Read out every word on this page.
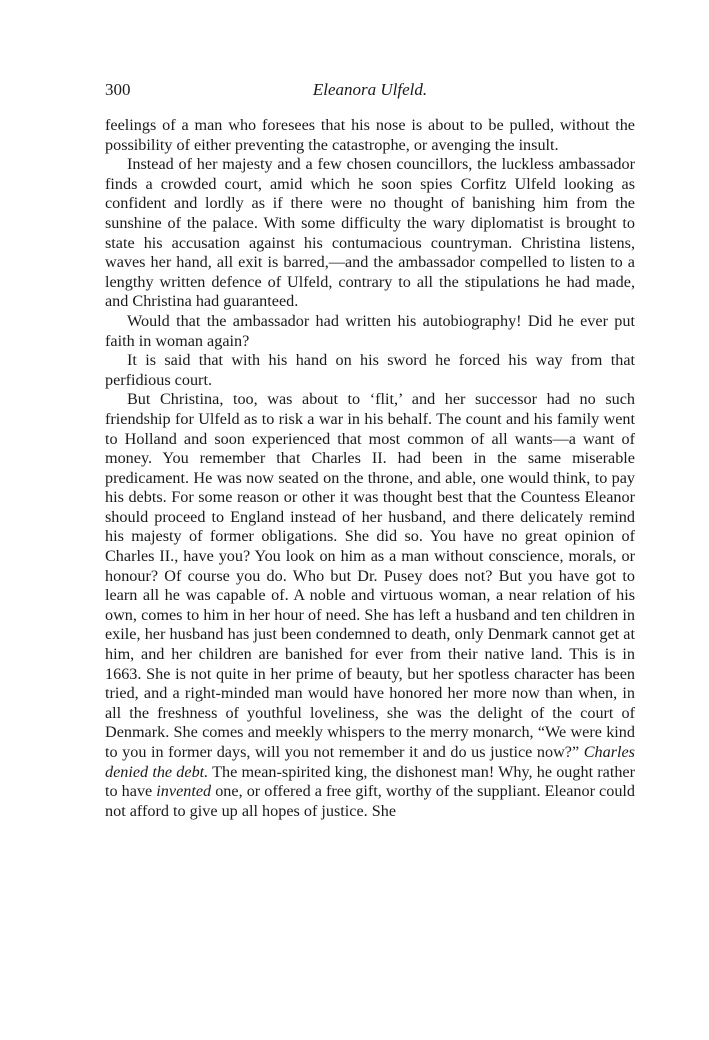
300	Eleanora Ulfeld.

feelings of a man who foresees that his nose is about to be pulled, without the possibility of either preventing the catastrophe, or avenging the insult.

Instead of her majesty and a few chosen councillors, the luckless ambassador finds a crowded court, amid which he soon spies Corfitz Ulfeld looking as confident and lordly as if there were no thought of banishing him from the sunshine of the palace. With some difficulty the wary diplomatist is brought to state his accusation against his contumacious countryman. Christina listens, waves her hand, all exit is barred,—and the ambassador compelled to listen to a lengthy written defence of Ulfeld, contrary to all the stipulations he had made, and Christina had guaranteed.

Would that the ambassador had written his autobiography! Did he ever put faith in woman again?

It is said that with his hand on his sword he forced his way from that perfidious court.

But Christina, too, was about to ‘flit,’ and her successor had no such friendship for Ulfeld as to risk a war in his behalf. The count and his family went to Holland and soon experienced that most common of all wants—a want of money. You remember that Charles II. had been in the same miserable predicament. He was now seated on the throne, and able, one would think, to pay his debts. For some reason or other it was thought best that the Countess Eleanor should proceed to England instead of her husband, and there delicately remind his majesty of former obligations. She did so. You have no great opinion of Charles II., have you? You look on him as a man without conscience, morals, or honour? Of course you do. Who but Dr. Pusey does not? But you have got to learn all he was capable of. A noble and virtuous woman, a near relation of his own, comes to him in her hour of need. She has left a husband and ten children in exile, her husband has just been condemned to death, only Denmark cannot get at him, and her children are banished for ever from their native land. This is in 1663. She is not quite in her prime of beauty, but her spotless character has been tried, and a right-minded man would have honored her more now than when, in all the freshness of youthful loveliness, she was the delight of the court of Denmark. She comes and meekly whispers to the merry monarch, “We were kind to you in former days, will you not remember it and do us justice now?” Charles denied the debt. The mean-spirited king, the dishonest man! Why, he ought rather to have invented one, or offered a free gift, worthy of the suppliant. Eleanor could not afford to give up all hopes of justice. She
